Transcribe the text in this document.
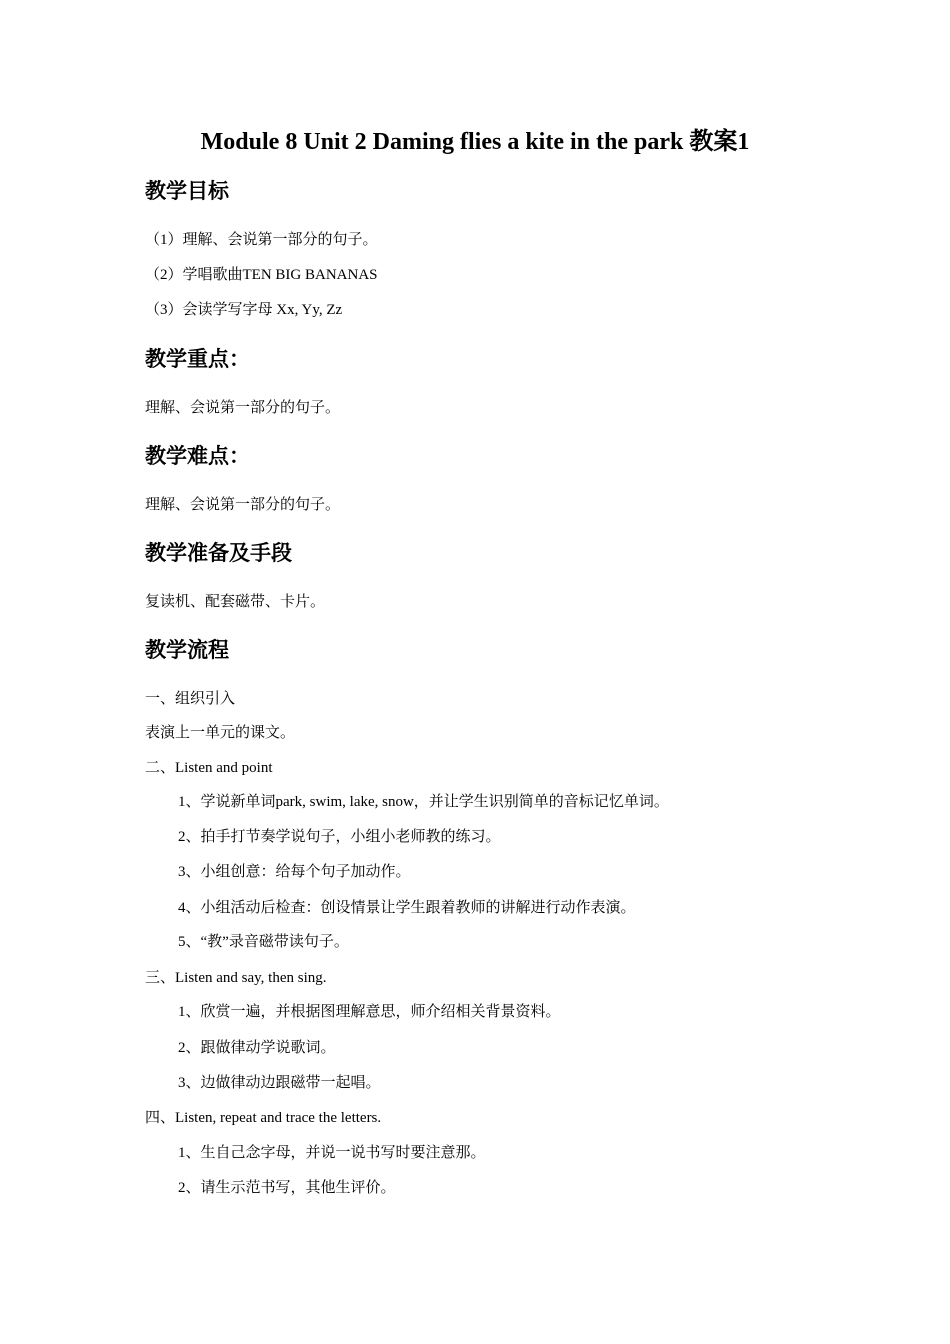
Module 8 Unit 2 Daming flies a kite in the park 教案1
教学目标
（1）理解、会说第一部分的句子。
（2）学唱歌曲TEN BIG BANANAS
（3）会读学写字母 Xx, Yy, Zz
教学重点：
理解、会说第一部分的句子。
教学难点：
理解、会说第一部分的句子。
教学准备及手段
复读机、配套磁带、卡片。
教学流程
一、组织引入
表演上一单元的课文。
二、Listen and point
1、学说新单词park, swim, lake, snow，并让学生识别简单的音标记忆单词。
2、拍手打节奏学说句子，小组小老师教的练习。
3、小组创意：给每个句子加动作。
4、小组活动后检查：创设情景让学生跟着教师的讲解进行动作表演。
5、“教”录音磁带读句子。
三、Listen and say, then sing.
1、欣赏一遍，并根据图理解意思，师介绍相关背景资料。
2、跟做律动学说歌词。
3、边做律动边跟磁带一起唱。
四、Listen, repeat and trace the letters.
1、生自己念字母，并说一说书写时要注意那。
2、请生示范书写，其他生评价。
